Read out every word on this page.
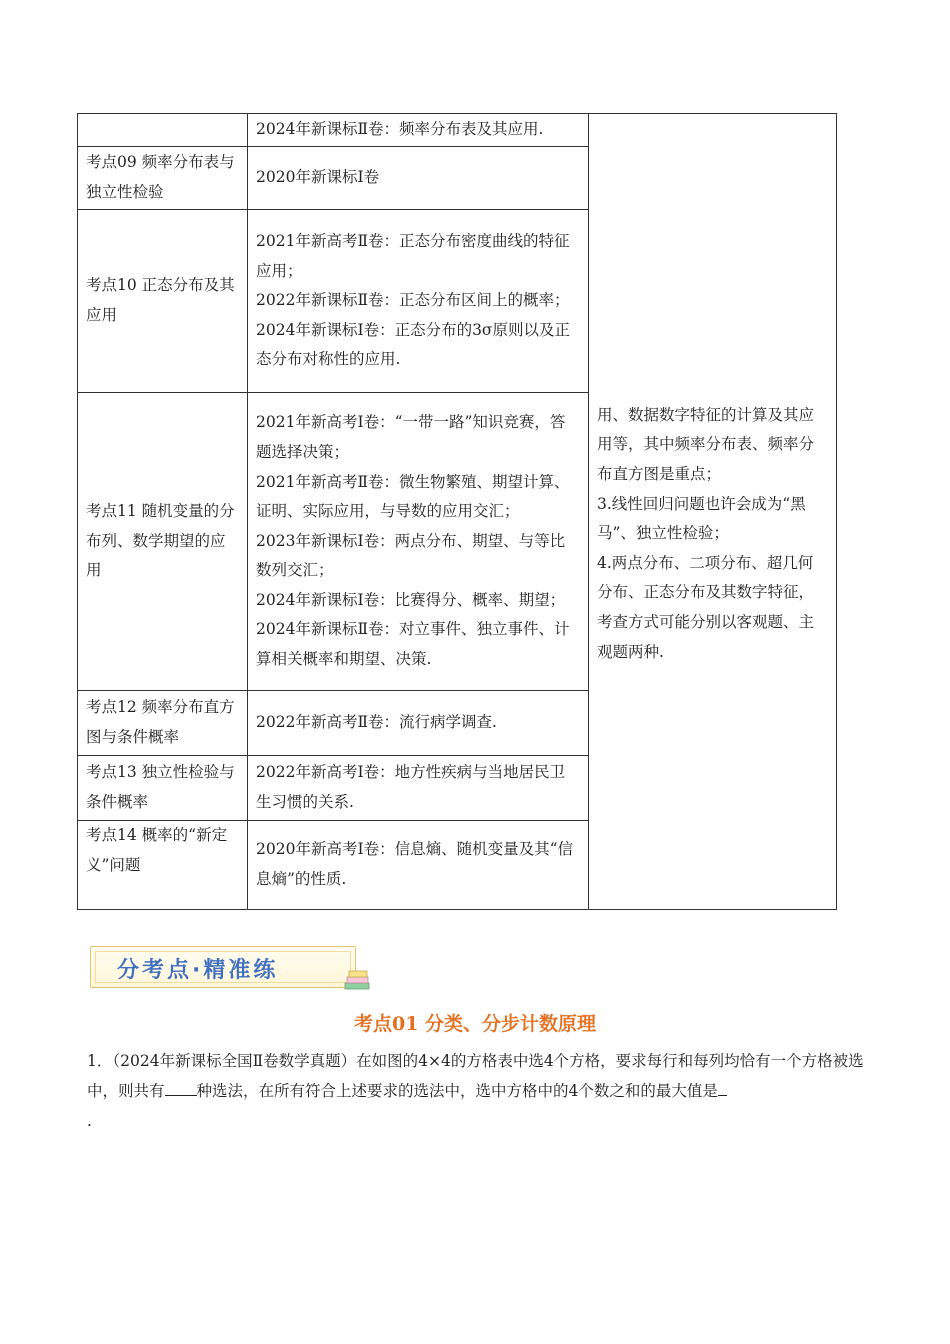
	2024年新课标Ⅱ卷：频率分布表及其应用.	用、数据数字特征的计算及其应用等，其中频率分布表、频率分布直方图是重点；
3.线性回归问题也许会成为“黑马”、独立性检验；
4.两点分布、二项分布、超几何分布、正态分布及其数字特征，考查方式可能分别以客观题、主观题两种.

考点09 频率分布表与独立性检验	2020年新课标Ⅰ卷	

考点10 正态分布及其应用	2021年新高考Ⅱ卷：正态分布密度曲线的特征应用；
2022年新课标Ⅱ卷：正态分布区间上的概率；
2024年新课标Ⅰ卷：正态分布的3σ原则以及正态分布对称性的应用.	

考点11 随机变量的分布列、数学期望的应用	2021年新高考Ⅰ卷：“一带一路”知识竞赛，答题选择决策；
2021年新高考Ⅱ卷：微生物繁殖、期望计算、证明、实际应用，与导数的应用交汇；
2023年新课标Ⅰ卷：两点分布、期望、与等比数列交汇；
2024年新课标Ⅰ卷：比赛得分、概率、期望；
2024年新课标Ⅱ卷：对立事件、独立事件、计算相关概率和期望、决策.	

考点12 频率分布直方图与条件概率	2022年新高考Ⅱ卷：流行病学调查.	

考点13 独立性检验与条件概率	2022年新高考Ⅰ卷：地方性疾病与当地居民卫生习惯的关系.	

考点14 概率的“新定义”问题	2020年新高考Ⅰ卷：信息熵、随机变量及其“信息熵”的性质.	
分考点·精准练
考点01 分类、分步计数原理
1．（2024年新课标全国Ⅱ卷数学真题）在如图的4×4的方格表中选4个方格，要求每行和每列均恰有一个方格被选中，则共有 种选法，在所有符合上述要求的选法中，选中方格中的4个数之和的最大值是
.
